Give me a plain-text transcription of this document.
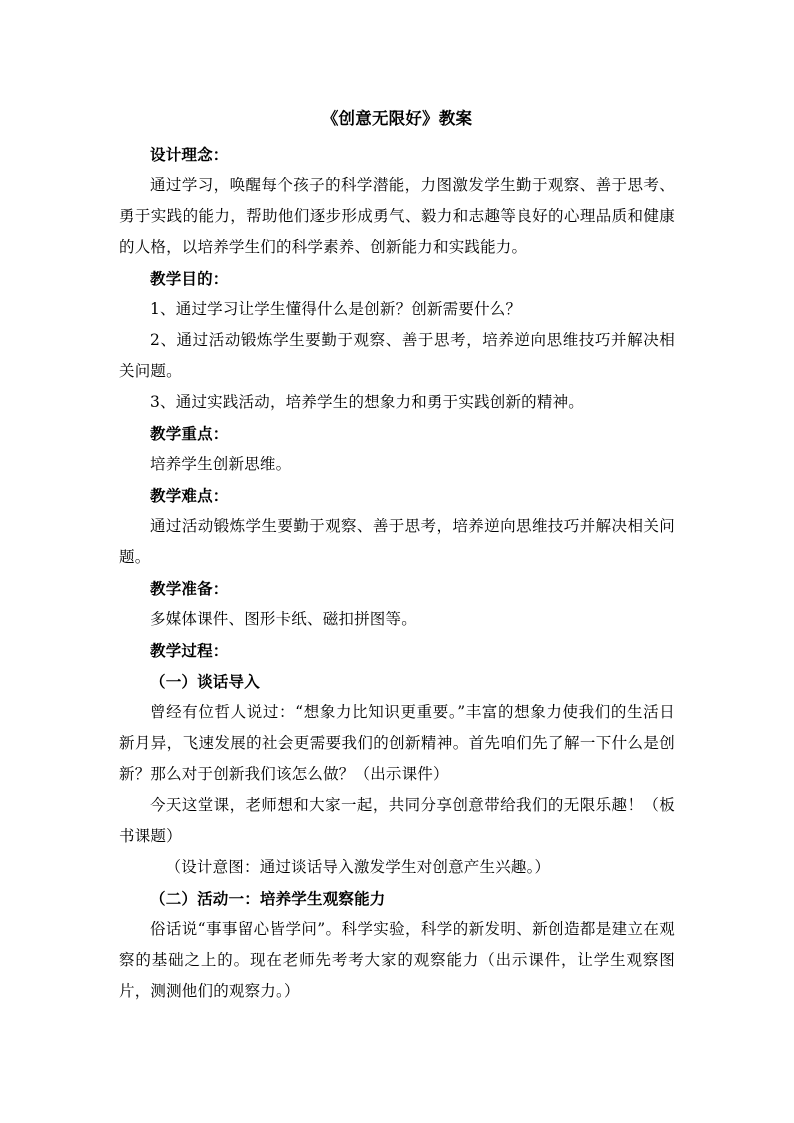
《创意无限好》教案
设计理念：
通过学习，唤醒每个孩子的科学潜能，力图激发学生勤于观察、善于思考、勇于实践的能力，帮助他们逐步形成勇气、毅力和志趣等良好的心理品质和健康的人格，以培养学生们的科学素养、创新能力和实践能力。
教学目的：
1、通过学习让学生懂得什么是创新？创新需要什么？
2、通过活动锻炼学生要勤于观察、善于思考，培养逆向思维技巧并解决相关问题。
3、通过实践活动，培养学生的想象力和勇于实践创新的精神。
教学重点：
培养学生创新思维。
教学难点：
通过活动锻炼学生要勤于观察、善于思考，培养逆向思维技巧并解决相关问题。
教学准备：
多媒体课件、图形卡纸、磁扣拼图等。
教学过程：
（一）谈话导入
曾经有位哲人说过：“想象力比知识更重要。”丰富的想象力使我们的生活日新月异，飞速发展的社会更需要我们的创新精神。首先咱们先了解一下什么是创新？那么对于创新我们该怎么做？（出示课件）
今天这堂课，老师想和大家一起，共同分享创意带给我们的无限乐趣！（板书课题）
（设计意图：通过谈话导入激发学生对创意产生兴趣。）
（二）活动一：培养学生观察能力
俗话说“事事留心皆学问”。科学实验，科学的新发明、新创造都是建立在观察的基础之上的。现在老师先考考大家的观察能力（出示课件，让学生观察图片，测测他们的观察力。）
